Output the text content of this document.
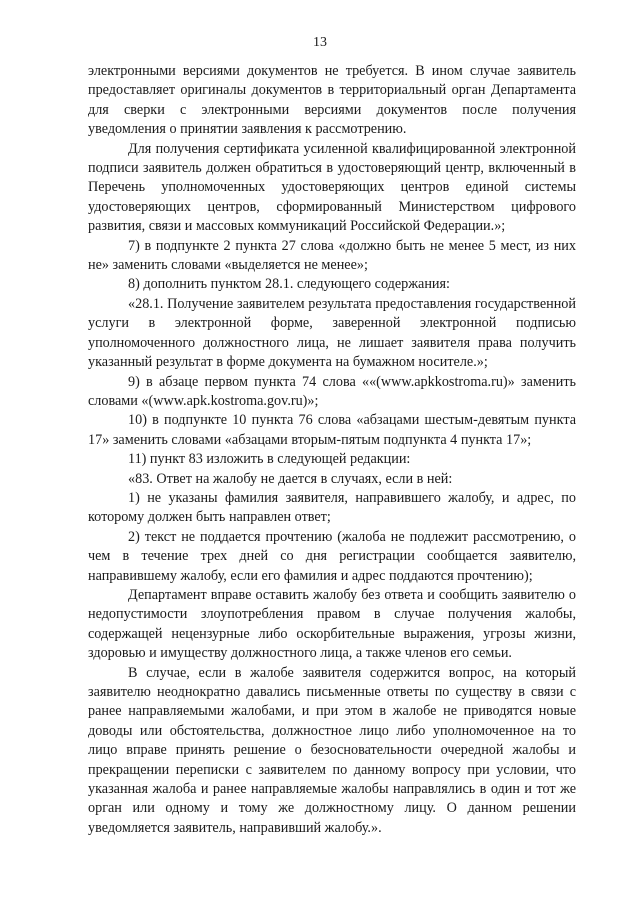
13

электронными версиями документов не требуется. В ином случае заявитель предоставляет оригиналы документов в территориальный орган Департамента для сверки с электронными версиями документов после получения уведомления о принятии заявления к рассмотрению.

Для получения сертификата усиленной квалифицированной электронной подписи заявитель должен обратиться в удостоверяющий центр, включенный в Перечень уполномоченных удостоверяющих центров единой системы удостоверяющих центров, сформированный Министерством цифрового развития, связи и массовых коммуникаций Российской Федерации.»;

7) в подпункте 2 пункта 27 слова «должно быть не менее 5 мест, из них не» заменить словами «выделяется не менее»;

8) дополнить пунктом 28.1. следующего содержания:

«28.1. Получение заявителем результата предоставления государственной услуги в электронной форме, заверенной электронной подписью уполномоченного должностного лица, не лишает заявителя права получить указанный результат в форме документа на бумажном носителе.»;

9) в абзаце первом пункта 74 слова ««(www.apkkostroma.ru)» заменить словами «(www.apk.kostroma.gov.ru)»;

10) в подпункте 10 пункта 76 слова «абзацами шестым-девятым пункта 17» заменить словами «абзацами вторым-пятым подпункта 4 пункта 17»;

11) пункт 83 изложить в следующей редакции:

«83. Ответ на жалобу не дается в случаях, если в ней:

1) не указаны фамилия заявителя, направившего жалобу, и адрес, по которому должен быть направлен ответ;

2) текст не поддается прочтению (жалоба не подлежит рассмотрению, о чем в течение трех дней со дня регистрации сообщается заявителю, направившему жалобу, если его фамилия и адрес поддаются прочтению);

Департамент вправе оставить жалобу без ответа и сообщить заявителю о недопустимости злоупотребления правом в случае получения жалобы, содержащей нецензурные либо оскорбительные выражения, угрозы жизни, здоровью и имуществу должностного лица, а также членов его семьи.

В случае, если в жалобе заявителя содержится вопрос, на который заявителю неоднократно давались письменные ответы по существу в связи с ранее направляемыми жалобами, и при этом в жалобе не приводятся новые доводы или обстоятельства, должностное лицо либо уполномоченное на то лицо вправе принять решение о безосновательности очередной жалобы и прекращении переписки с заявителем по данному вопросу при условии, что указанная жалоба и ранее направляемые жалобы направлялись в один и тот же орган или одному и тому же должностному лицу. О данном решении уведомляется заявитель, направивший жалобу.».
